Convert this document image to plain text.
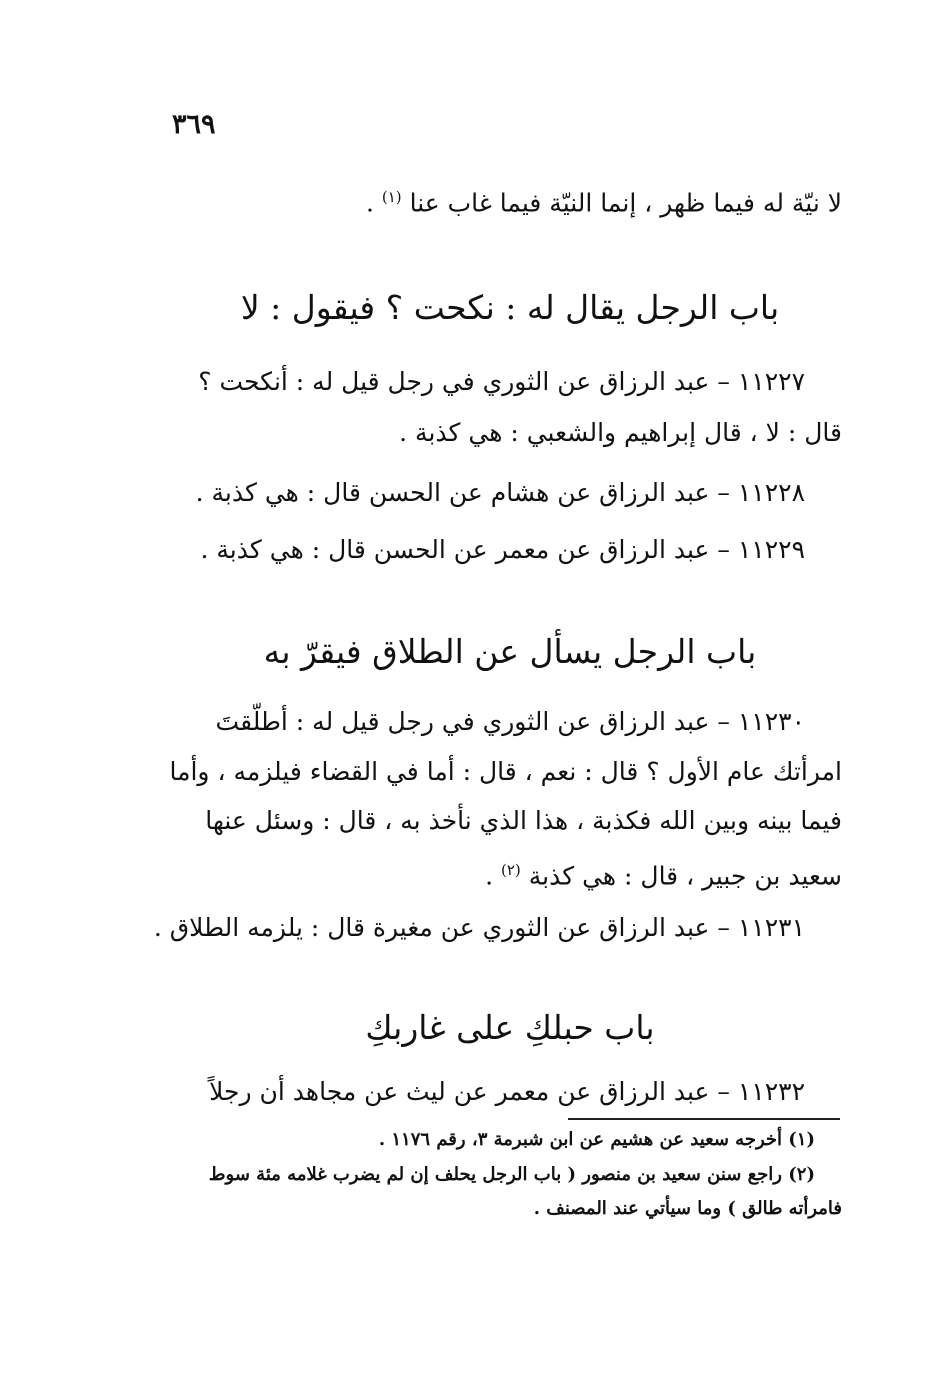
٣٦٩
لا نيّة له فيما ظهر ، إنما النيّة فيما غاب عنا $^{(١)}$ .
باب الرجل يقال له : نكحت ؟ فيقول : لا
١١٢٢٧ – عبد الرزاق عن الثوري في رجل قيل له : أنكحت ؟
قال : لا ، قال إبراهيم والشعبي : هي كذبة .
١١٢٢٨ – عبد الرزاق عن هشام عن الحسن قال : هي كذبة .
١١٢٢٩ – عبد الرزاق عن معمر عن الحسن قال : هي كذبة .
باب الرجل يسأل عن الطلاق فيقرّ به
١١٢٣٠ – عبد الرزاق عن الثوري في رجل قيل له : أطلّقتَ
امرأتك عام الأول ؟ قال : نعم ، قال : أما في القضاء فيلزمه ، وأما
فيما بينه وبين الله فكذبة ، هذا الذي نأخذ به ، قال : وسئل عنها
سعيد بن جبير ، قال : هي كذبة $^{(٢)}$ .
١١٢٣١ – عبد الرزاق عن الثوري عن مغيرة قال : يلزمه الطلاق .
باب حبلكِ على غاربكِ
١١٢٣٢ – عبد الرزاق عن معمر عن ليث عن مجاهد أن رجلاً
(١) أخرجه سعيد عن هشيم عن ابن شبرمة ٣، رقم ١١٧٦ .
(٢) راجع سنن سعيد بن منصور ( باب الرجل يحلف إن لم يضرب غلامه مئة سوط
فامرأته طالق ) وما سيأتي عند المصنف .
